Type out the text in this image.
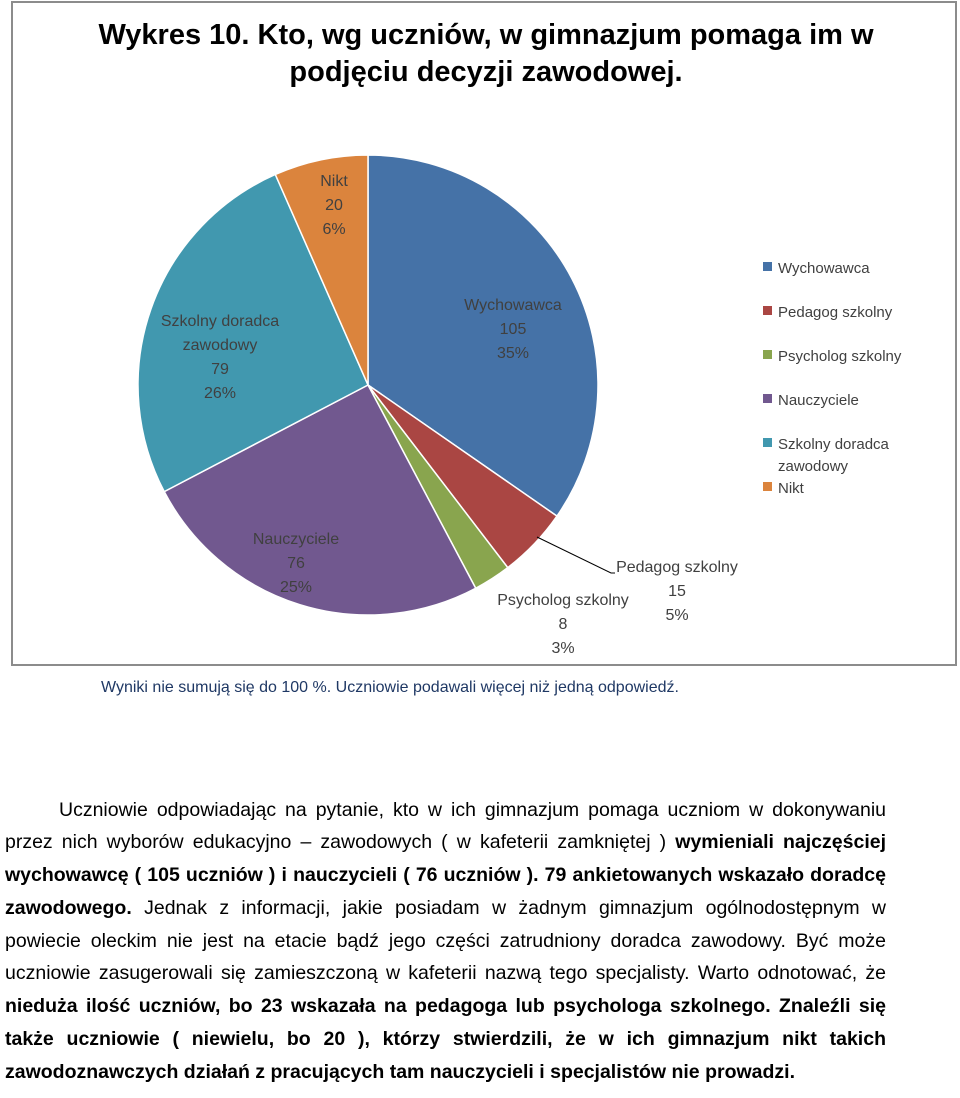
Wykres 10. Kto, wg uczniów, w gimnazjum pomaga im w
podjęciu decyzji zawodowej.
Wychowawca
105
35%
Pedagog szkolny
15
5%
Psycholog szkolny
8
3%
Nauczyciele
76
25%
Szkolny doradca
zawodowy
79
26%
Nikt
20
6%
Wychowawca
Pedagog szkolny
Psycholog szkolny
Nauczyciele
Szkolny doradca
zawodowy
Nikt
Wyniki nie sumują się do 100 %. Uczniowie podawali więcej niż jedną odpowiedź.

Uczniowie odpowiadając na pytanie, kto w ich gimnazjum pomaga uczniom w dokonywaniu przez nich wyborów edukacyjno – zawodowych ( w kafeterii zamkniętej ) wymieniali najczęściej wychowawcę ( 105 uczniów ) i nauczycieli ( 76 uczniów ). 79 ankietowanych wskazało doradcę zawodowego. Jednak z informacji, jakie posiadam w żadnym gimnazjum ogólnodostępnym w powiecie oleckim nie jest na etacie bądź jego części zatrudniony doradca zawodowy. Być może uczniowie zasugerowali się zamieszczoną w kafeterii nazwą tego specjalisty. Warto odnotować, że nieduża ilość uczniów, bo 23 wskazała na pedagoga lub psychologa szkolnego. Znaleźli się także uczniowie ( niewielu, bo 20 ), którzy stwierdzili, że w ich gimnazjum nikt takich zawodoznawczych działań z pracujących tam nauczycieli i specjalistów nie prowadzi.
